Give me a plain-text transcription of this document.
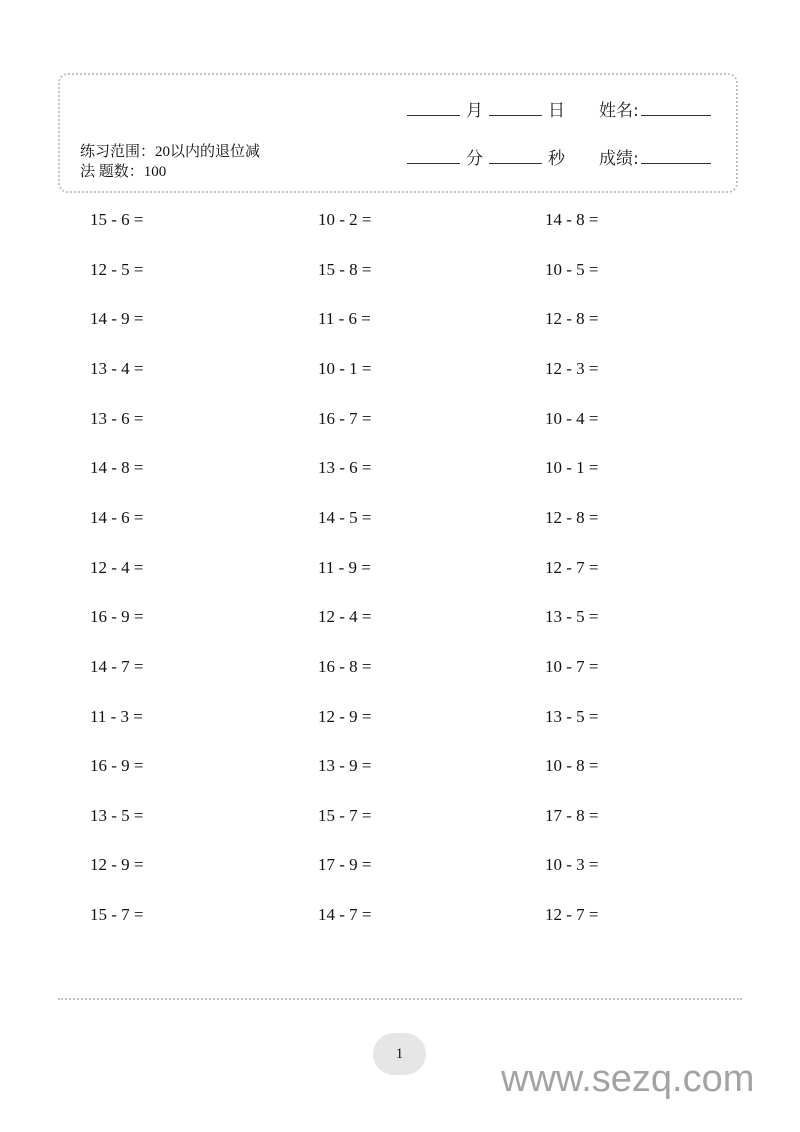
练习范围：20以内的退位减
法 题数：100
月	日 姓名:
分	秒 成绩:
15 - 6 =
12 - 5 =
14 - 9 =
13 - 4 =
13 - 6 =
14 - 8 =
14 - 6 =
12 - 4 =
16 - 9 =
14 - 7 =
11 - 3 =
16 - 9 =
13 - 5 =
12 - 9 =
15 - 7 =
10 - 2 =
15 - 8 =
11 - 6 =
10 - 1 =
16 - 7 =
13 - 6 =
14 - 5 =
11 - 9 =
12 - 4 =
16 - 8 =
12 - 9 =
13 - 9 =
15 - 7 =
17 - 9 =
14 - 7 =
14 - 8 =
10 - 5 =
12 - 8 =
12 - 3 =
10 - 4 =
10 - 1 =
12 - 8 =
12 - 7 =
13 - 5 =
10 - 7 =
13 - 5 =
10 - 8 =
17 - 8 =
10 - 3 =
12 - 7 =
1
www.sezq.com
